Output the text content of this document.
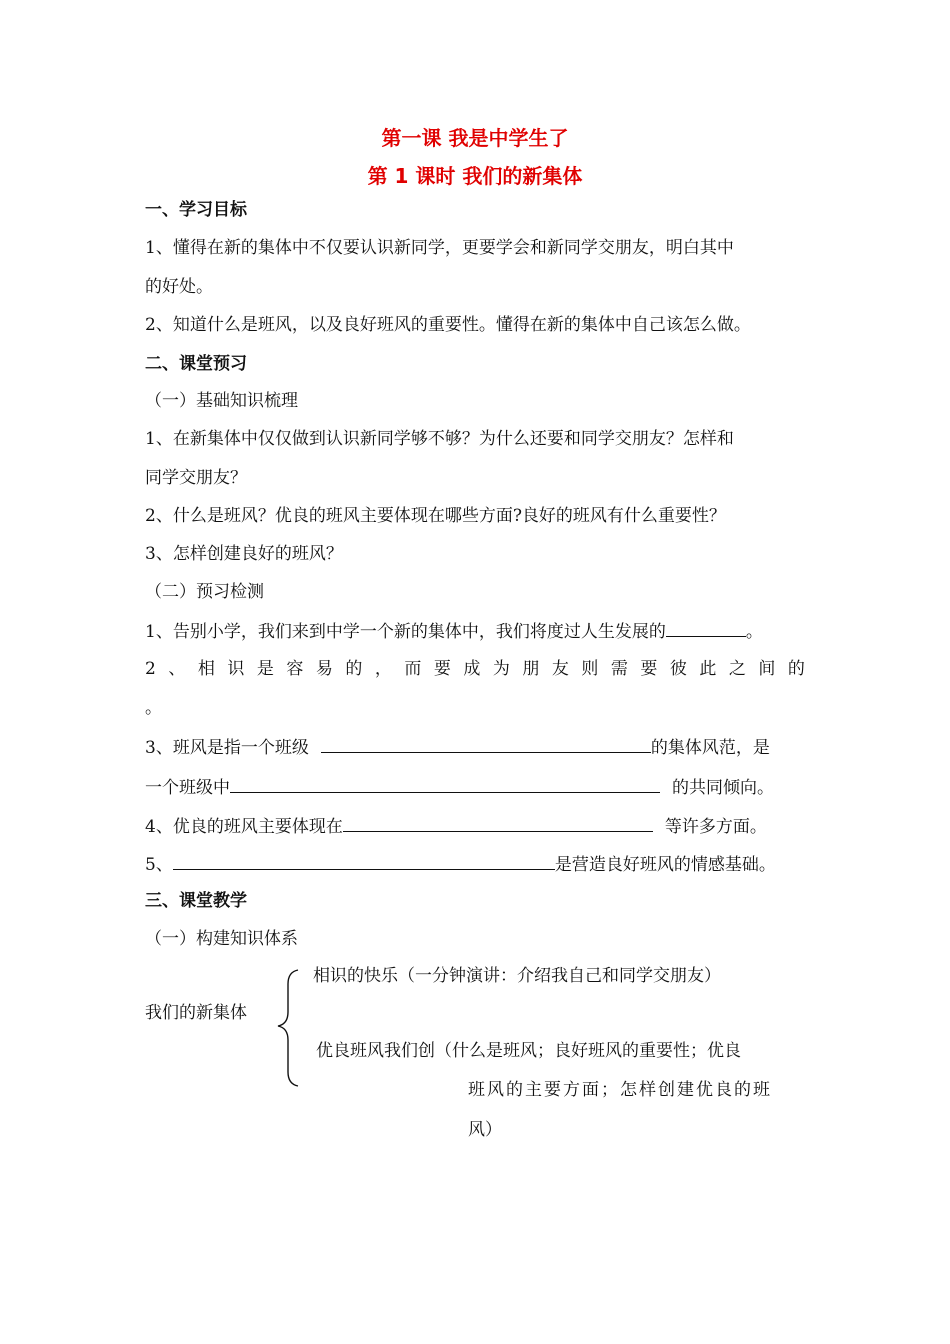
第一课 我是中学生了
第 1 课时 我们的新集体
一、学习目标
1、懂得在新的集体中不仅要认识新同学，更要学会和新同学交朋友，明白其中
的好处。
2、知道什么是班风，以及良好班风的重要性。懂得在新的集体中自己该怎么做。
二、课堂预习
（一）基础知识梳理
1、在新集体中仅仅做到认识新同学够不够？为什么还要和同学交朋友？怎样和
同学交朋友？
2、什么是班风？优良的班风主要体现在哪些方面?良好的班风有什么重要性？
3、怎样创建良好的班风？
（二）预习检测
1、告别小学，我们来到中学一个新的集体中，我们将度过人生发展的	。
2 、 相 识 是 容 易 的 ， 而 要 成 为 朋 友 则 需 要 彼 此 之 间 的
。
3、班风是指一个班级	的集体风范，是
一个班级中	的共同倾向。
4、优良的班风主要体现在	等许多方面。
5、	是营造良好班风的情感基础。
三、课堂教学
（一）构建知识体系
我们的新集体
相识的快乐（一分钟演讲：介绍我自己和同学交朋友）
优良班风我们创（什么是班风；良好班风的重要性；优良
班风的主要方面；怎样创建优良的班
风）
